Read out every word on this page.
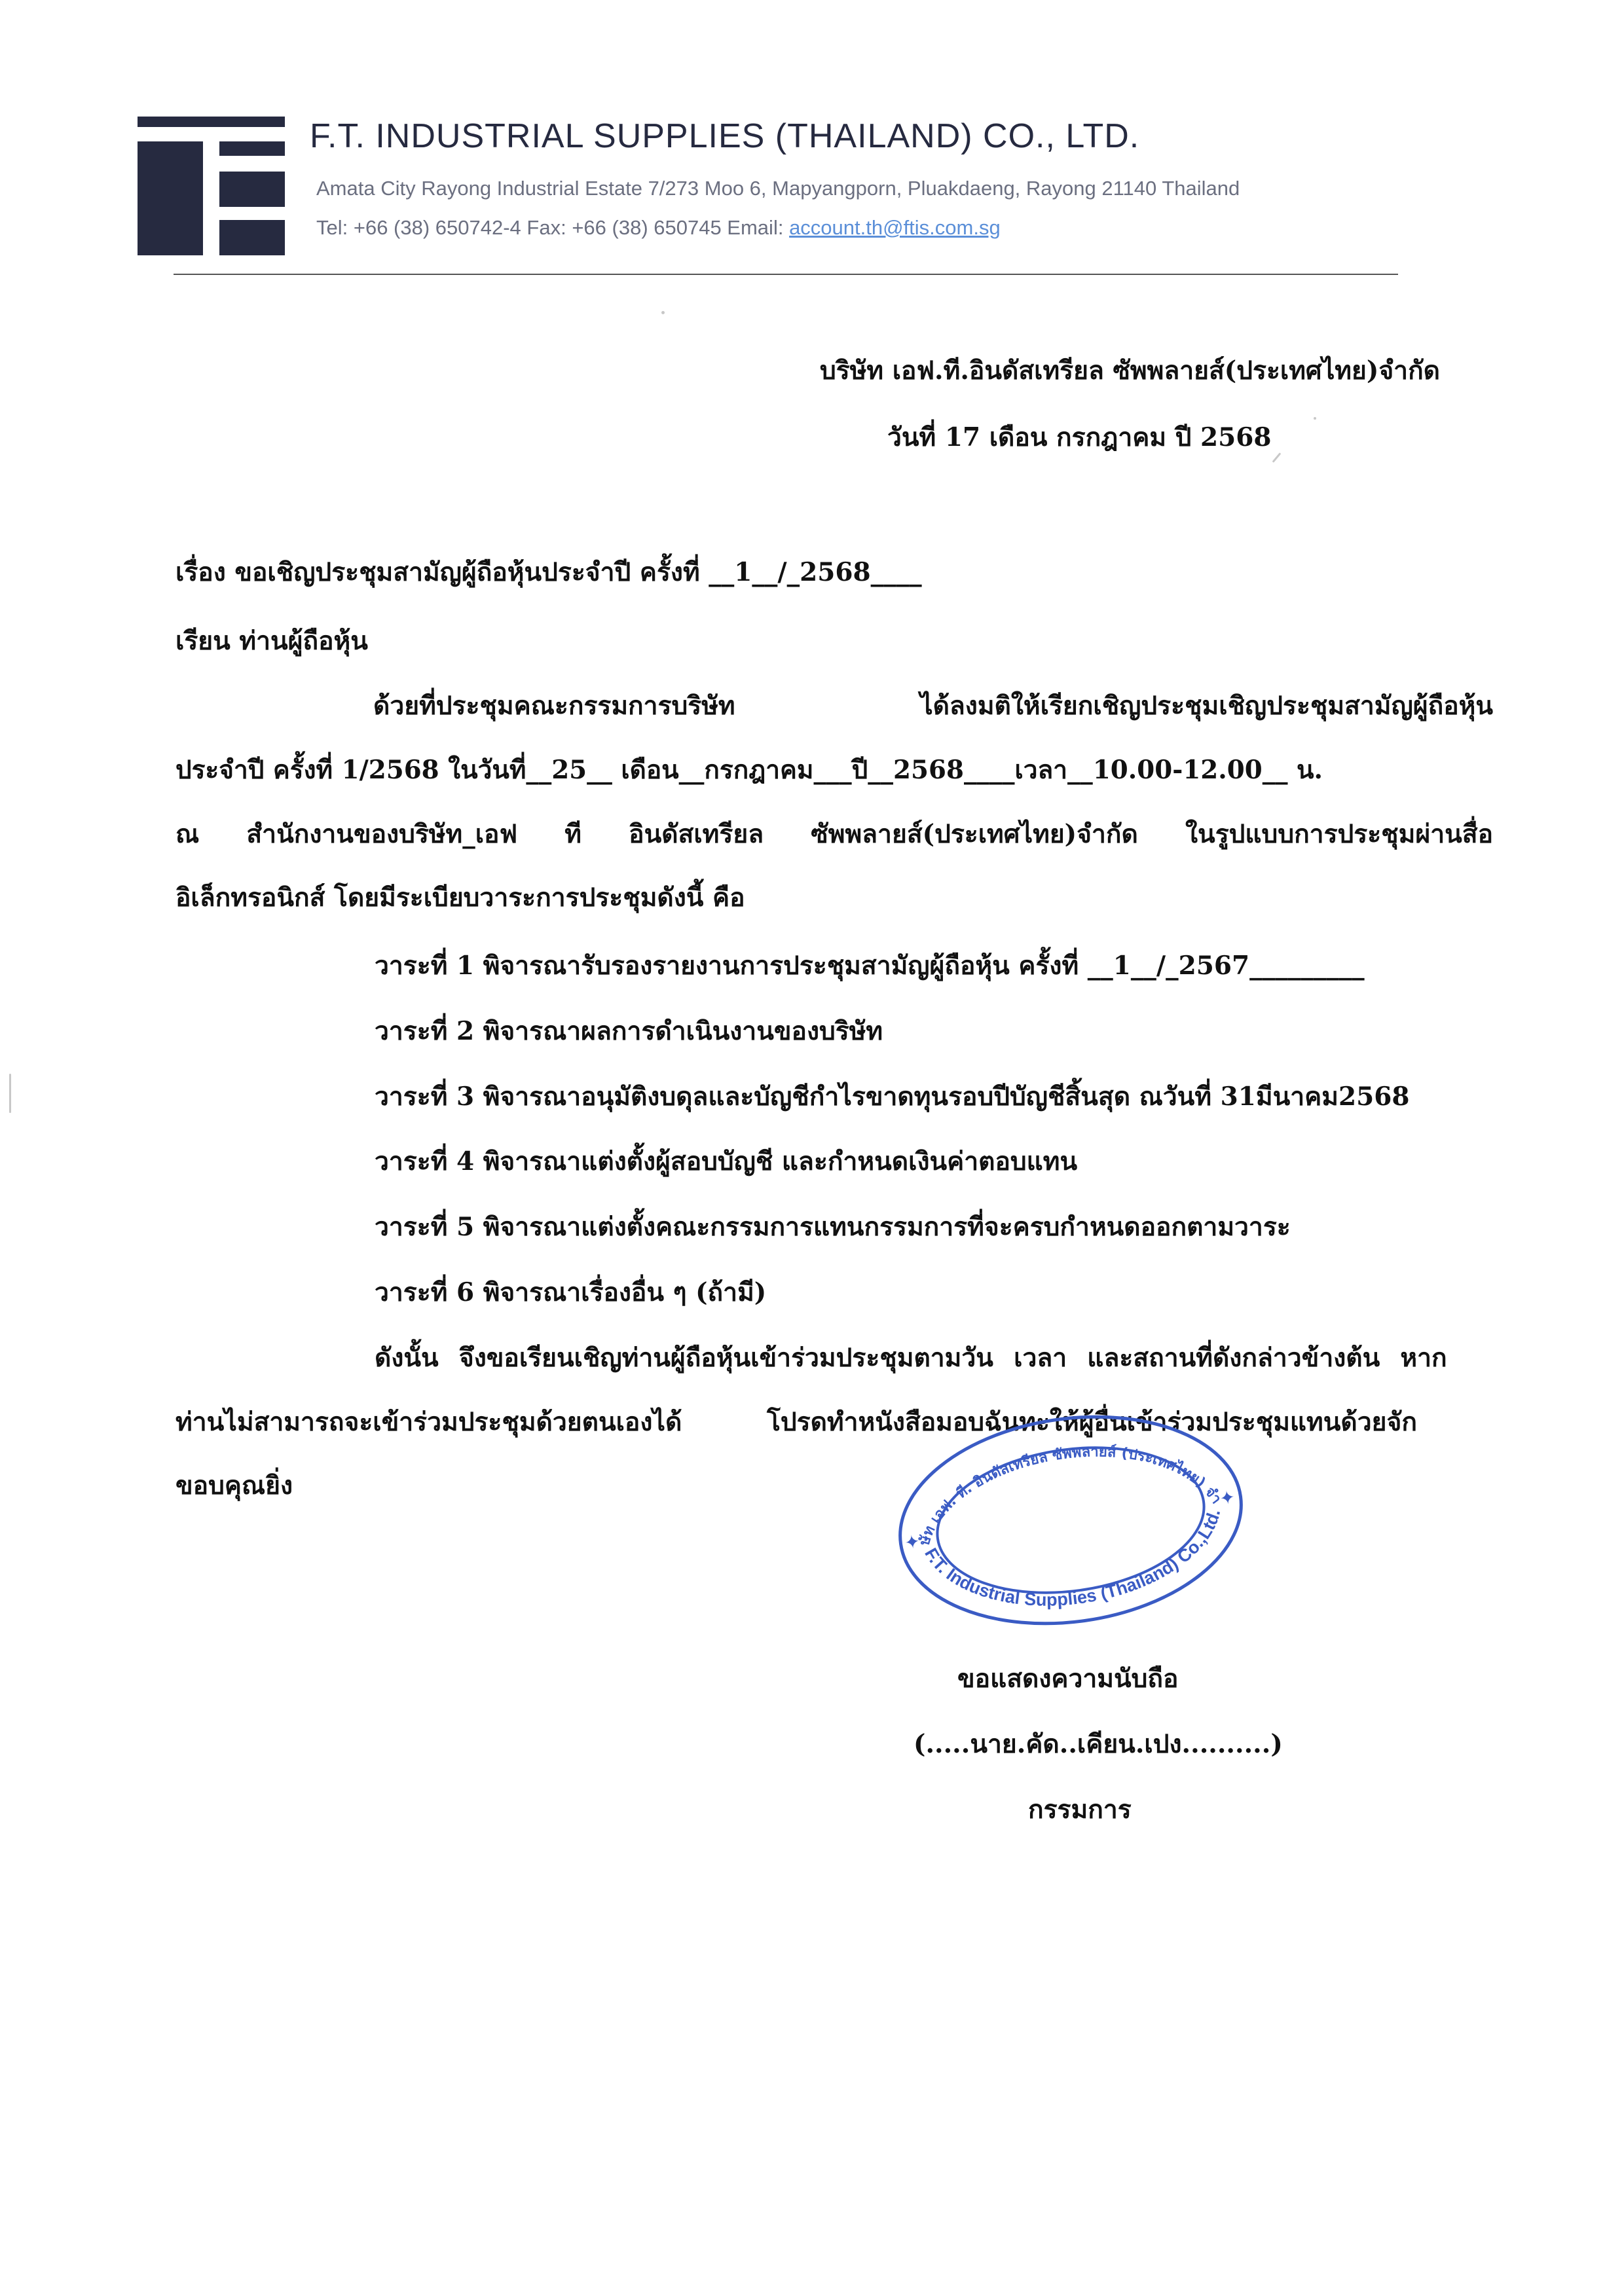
F.T. INDUSTRIAL SUPPLIES (THAILAND) CO., LTD.
Amata City Rayong Industrial Estate 7/273 Moo 6, Mapyangporn, Pluakdaeng, Rayong 21140 Thailand
Tel: +66 (38) 650742-4 Fax: +66 (38) 650745 Email: account.th@ftis.com.sg
บริษัท เอฟ.ที.อินดัสเทรียล ซัพพลายส์(ประเทศไทย)จำกัด
วันที่ 17 เดือน กรกฎาคม ปี 2568
เรื่อง ขอเชิญประชุมสามัญผู้ถือหุ้นประจำปี ครั้งที่ __1__/_2568____
เรียน ท่านผู้ถือหุ้น
ด้วยที่ประชุมคณะกรรมการบริษัท ได้ลงมติให้เรียกเชิญประชุมเชิญประชุมสามัญผู้ถือหุ้น
ประจำปี ครั้งที่ 1/2568 ในวันที่__25__ เดือน__กรกฎาคม___ปี__2568____เวลา__10.00-12.00__ น.
ณ สำนักงานของบริษัท_เอฟ ที อินดัสเทรียล ซัพพลายส์(ประเทศไทย)จำกัด ในรูปแบบการประชุมผ่านสื่อ
อิเล็กทรอนิกส์ โดยมีระเบียบวาระการประชุมดังนี้ คือ
วาระที่ 1 พิจารณารับรองรายงานการประชุมสามัญผู้ถือหุ้น ครั้งที่ __1__/_2567_________
วาระที่ 2 พิจารณาผลการดำเนินงานของบริษัท
วาระที่ 3 พิจารณาอนุมัติงบดุลและบัญชีกำไรขาดทุนรอบปีบัญชีสิ้นสุด ณวันที่ 31มีนาคม2568
วาระที่ 4 พิจารณาแต่งตั้งผู้สอบบัญชี และกำหนดเงินค่าตอบแทน
วาระที่ 5 พิจารณาแต่งตั้งคณะกรรมการแทนกรรมการที่จะครบกำหนดออกตามวาระ
วาระที่ 6 พิจารณาเรื่องอื่น ๆ (ถ้ามี)
ดังนั้น จึงขอเรียนเชิญท่านผู้ถือหุ้นเข้าร่วมประชุมตามวัน เวลา และสถานที่ดังกล่าวข้างต้น หาก
ท่านไม่สามารถจะเข้าร่วมประชุมด้วยตนเองได้ โปรดทำหนังสือมอบฉันทะให้ผู้อื่นเข้าร่วมประชุมแทนด้วยจัก
ขอบคุณยิ่ง
บริษัท เอฟ. ที. อินดัสเทรียล ซัพพลายส์ (ประเทศไทย) จำกัด
F.T. Industrial Supplies (Thailand) Co.,Ltd.
✦
✦
ขอแสดงความนับถือ
(.....นาย.คัด..เคียน.เปง..........)
กรรมการ
